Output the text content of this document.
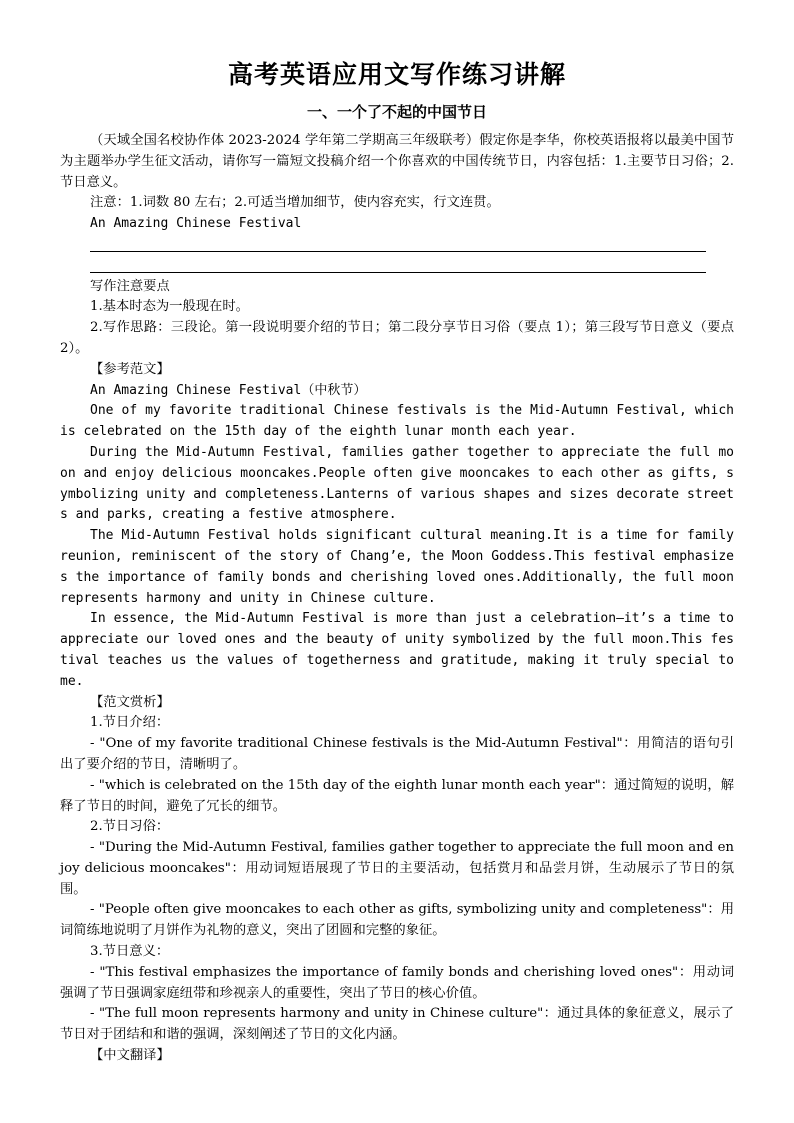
高考英语应用文写作练习讲解
一、一个了不起的中国节日

（天域全国名校协作体 2023-2024 学年第二学期高三年级联考）假定你是李华，你校英语报将以最美中国节为主题举办学生征文活动，请你写一篇短文投稿介绍一个你喜欢的中国传统节日，内容包括：1.主要节日习俗；2.节日意义。

注意：1.词数 80 左右；2.可适当增加细节，使内容充实，行文连贯。

An Amazing Chinese Festival

写作注意要点

1.基本时态为一般现在时。

2.写作思路：三段论。第一段说明要介绍的节日；第二段分享节日习俗（要点 1）；第三段写节日意义（要点 2）。

【参考范文】

An Amazing Chinese Festival（中秋节）

One of my favorite traditional Chinese festivals is the Mid-Autumn Festival, which is celebrated on the 15th day of the eighth lunar month each year.

During the Mid-Autumn Festival, families gather together to appreciate the full moon and enjoy delicious mooncakes.People often give mooncakes to each other as gifts, symbolizing unity and completeness.Lanterns of various shapes and sizes decorate streets and parks, creating a festive atmosphere.

The Mid-Autumn Festival holds significant cultural meaning.It is a time for family reunion, reminiscent of the story of Chang’e, the Moon Goddess.This festival emphasizes the importance of family bonds and cherishing loved ones.Additionally, the full moon represents harmony and unity in Chinese culture.

In essence, the Mid-Autumn Festival is more than just a celebration—it’s a time to appreciate our loved ones and the beauty of unity symbolized by the full moon.This festival teaches us the values of togetherness and gratitude, making it truly special to me.

【范文赏析】

1.节日介绍：

- "One of my favorite traditional Chinese festivals is the Mid-Autumn Festival"：用简洁的语句引出了要介绍的节日，清晰明了。

- "which is celebrated on the 15th day of the eighth lunar month each year"：通过简短的说明，解释了节日的时间，避免了冗长的细节。

2.节日习俗：

- "During the Mid-Autumn Festival, families gather together to appreciate the full moon and enjoy delicious mooncakes"：用动词短语展现了节日的主要活动，包括赏月和品尝月饼，生动展示了节日的氛围。

- "People often give mooncakes to each other as gifts, symbolizing unity and completeness"：用词简练地说明了月饼作为礼物的意义，突出了团圆和完整的象征。

3.节日意义：

- "This festival emphasizes the importance of family bonds and cherishing loved ones"：用动词强调了节日强调家庭纽带和珍视亲人的重要性，突出了节日的核心价值。

- "The full moon represents harmony and unity in Chinese culture"：通过具体的象征意义，展示了节日对于团结和和谐的强调，深刻阐述了节日的文化内涵。

【中文翻译】
